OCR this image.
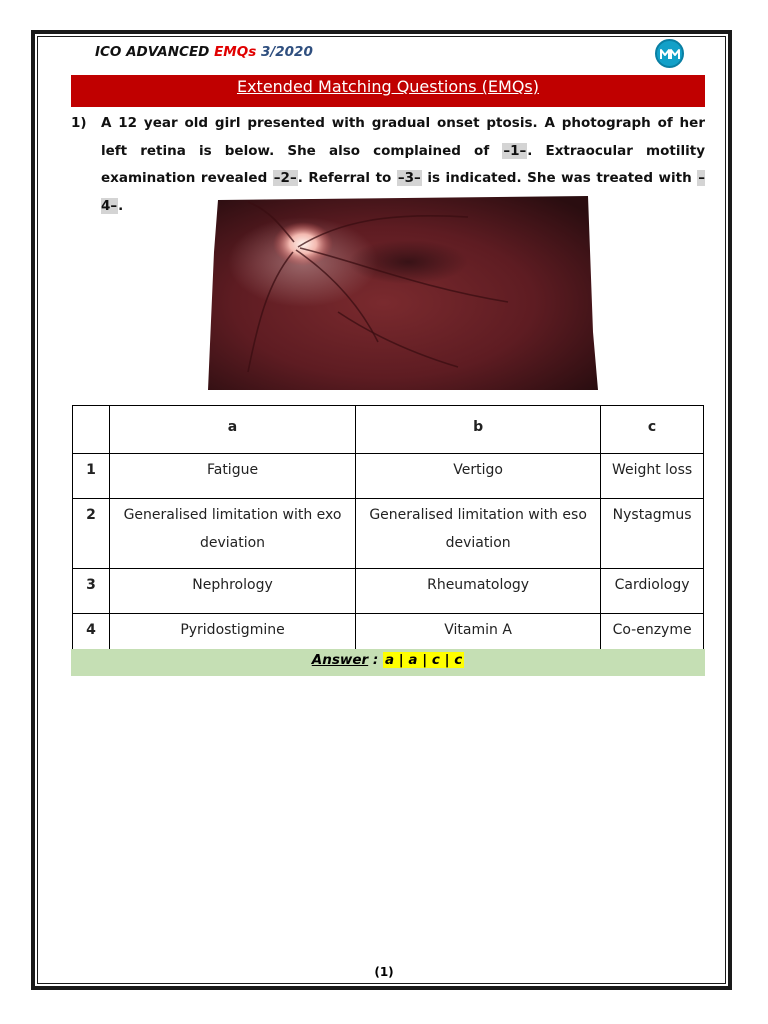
ICO ADVANCED EMQs 3/2020
Extended Matching Questions (EMQs)
1) A 12 year old girl presented with gradual onset ptosis. A photograph of her left retina is below. She also complained of –1–. Extraocular motility examination revealed –2–. Referral to –3– is indicated. She was treated with –4–.
	a	b	c
1	Fatigue	Vertigo	Weight loss
2	Generalised limitation with exo deviation	Generalised limitation with eso deviation	Nystagmus
3	Nephrology	Rheumatology	Cardiology
4	Pyridostigmine	Vitamin A	Co-enzyme
Answer : a | a | c | c
(1)
